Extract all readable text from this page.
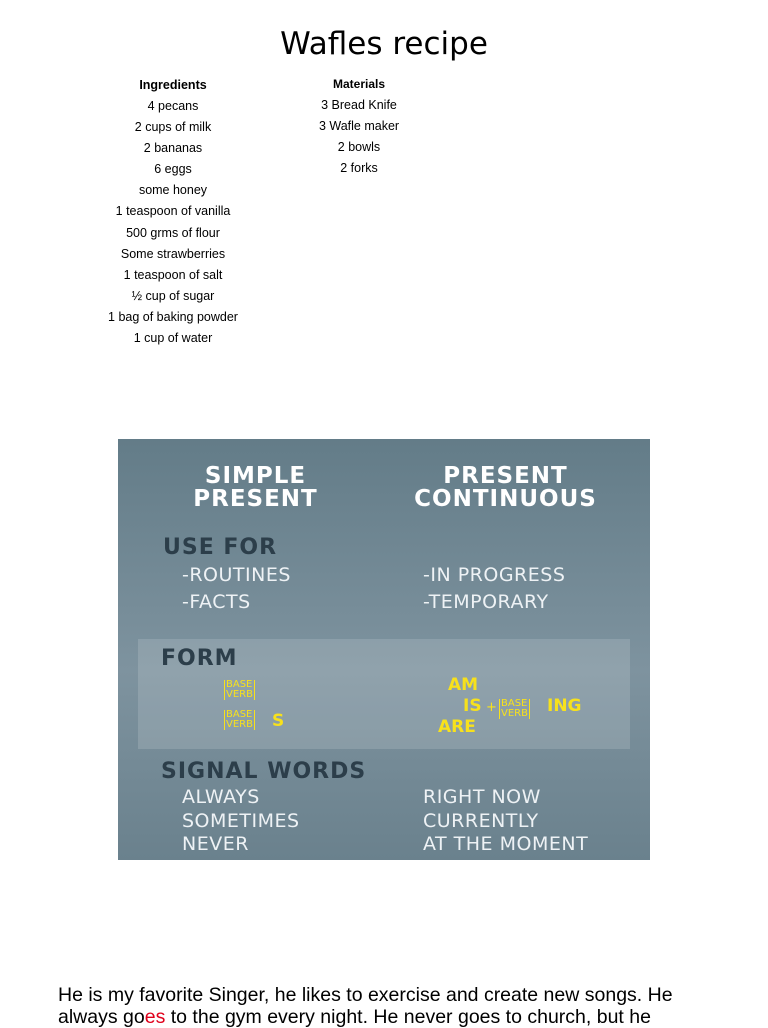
Wafles recipe
Ingredients
4 pecans
2 cups of milk
2 bananas
6 eggs
some honey
1 teaspoon of vanilla
500 grms of flour
Some strawberries
1 teaspoon of salt
½ cup of sugar
1 bag of baking powder
1 cup of water
Materials
3 Bread Knife
3 Wafle maker
2 bowls
2 forks
SIMPLE
PRESENT
PRESENT
CONTINUOUS
USE FOR
-ROUTINES
-FACTS
-IN PROGRESS
-TEMPORARY
FORM
BASE
VERB
BASE
VERB S
AM
IS
ARE
+ BASE
VERB ING
SIGNAL WORDS
ALWAYS
SOMETIMES
NEVER
RIGHT NOW
CURRENTLY
AT THE MOMENT
He is my favorite Singer, he likes to exercise and create new songs. He
always goes to the gym every night. He never goes to church, but he
